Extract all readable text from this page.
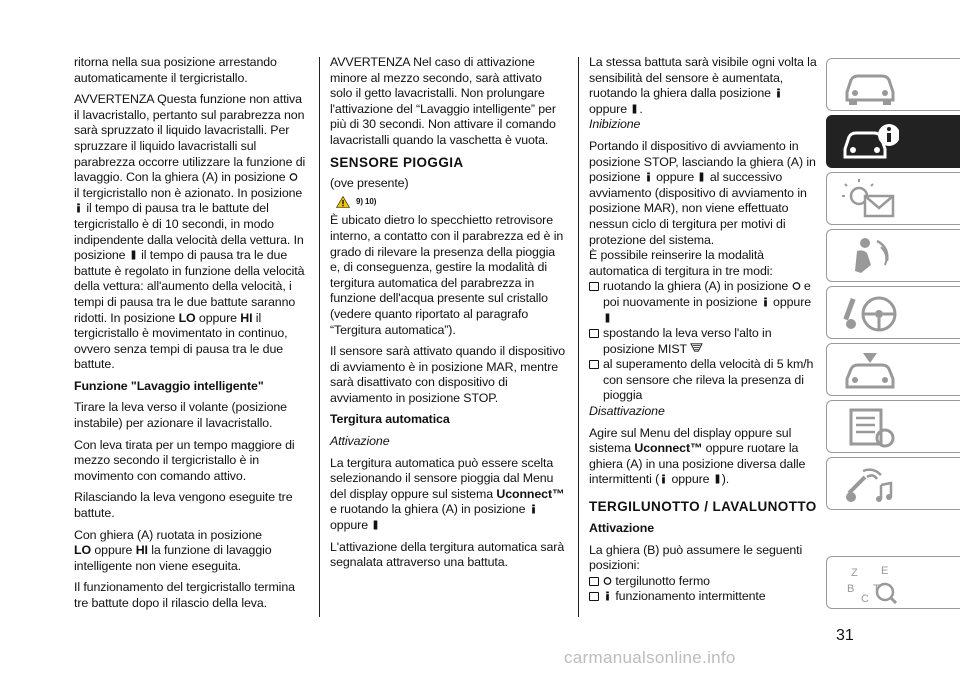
ritorna nella sua posizione arrestando automaticamente il tergicristallo.

AVVERTENZA Questa funzione non attiva il lavacristallo, pertanto sul parabrezza non sarà spruzzato il liquido lavacristalli. Per spruzzare il liquido lavacristalli sul parabrezza occorre utilizzare la funzione di lavaggio. Con la ghiera (A) in posizione  il tergicristallo non è azionato. In posizione  il tempo di pausa tra le battute del tergicristallo è di 10 secondi, in modo indipendente dalla velocità della vettura. In posizione il tempo di pausa tra le due battute è regolato in funzione della velocità della vettura: all'aumento della velocità, i tempi di pausa tra le due battute saranno ridotti. In posizione LO oppure HI il tergicristallo è movimentato in continuo, ovvero senza tempi di pausa tra le due battute.

Funzione "Lavaggio intelligente"

Tirare la leva verso il volante (posizione instabile) per azionare il lavacristallo.

Con leva tirata per un tempo maggiore di mezzo secondo il tergicristallo è in movimento con comando attivo.

Rilasciando la leva vengono eseguite tre battute.

Con ghiera (A) ruotata in posizione
LO oppure HI la funzione di lavaggio intelligente non viene eseguita.

Il funzionamento del tergicristallo termina tre battute dopo il rilascio della leva.

AVVERTENZA Nel caso di attivazione minore al mezzo secondo, sarà attivato solo il getto lavacristalli. Non prolungare l'attivazione del “Lavaggio intelligente” per più di 30 secondi. Non attivare il comando lavacristalli quando la vaschetta è vuota.

SENSORE PIOGGIA

(ove presente)

9) 10)

È ubicato dietro lo specchietto retrovisore interno, a contatto con il parabrezza ed è in grado di rilevare la presenza della pioggia e, di conseguenza, gestire la modalità di tergitura automatica del parabrezza in funzione dell'acqua presente sul cristallo (vedere quanto riportato al paragrafo “Tergitura automatica”).

Il sensore sarà attivato quando il dispositivo di avviamento è in posizione MAR, mentre sarà disattivato con dispositivo di avviamento in posizione STOP.

Tergitura automatica

Attivazione

La tergitura automatica può essere scelta selezionando il sensore pioggia dal Menu del display oppure sul sistema Uconnect™ e ruotando la ghiera (A) in posizione  oppure

L'attivazione della tergitura automatica sarà segnalata attraverso una battuta.

La stessa battuta sarà visibile ogni volta la sensibilità del sensore è aumentata, ruotando la ghiera dalla posizione  oppure .

Inibizione

Portando il dispositivo di avviamento in posizione STOP, lasciando la ghiera (A) in posizione oppure al successivo avviamento (dispositivo di avviamento in posizione MAR), non viene effettuato nessun ciclo di tergitura per motivi di protezione del sistema.

È possibile reinserire la modalità automatica di tergitura in tre modi:

ruotando la ghiera (A) in posizione e poi nuovamente in posizione oppure
spostando la leva verso l'alto in posizione MIST
al superamento della velocità di 5 km/h con sensore che rileva la presenza di pioggia

Disattivazione

Agire sul Menu del display oppure sul sistema Uconnect™ oppure ruotare la ghiera (A) in una posizione diversa dalle intermittenti ( oppure ).

TERGILUNOTTO / LAVALUNOTTO

Attivazione

La ghiera (B) può assumere le seguenti posizioni:

tergilunotto fermo
funzionamento intermittente
Z E
B
C
T
31
carmanualsonline.info
